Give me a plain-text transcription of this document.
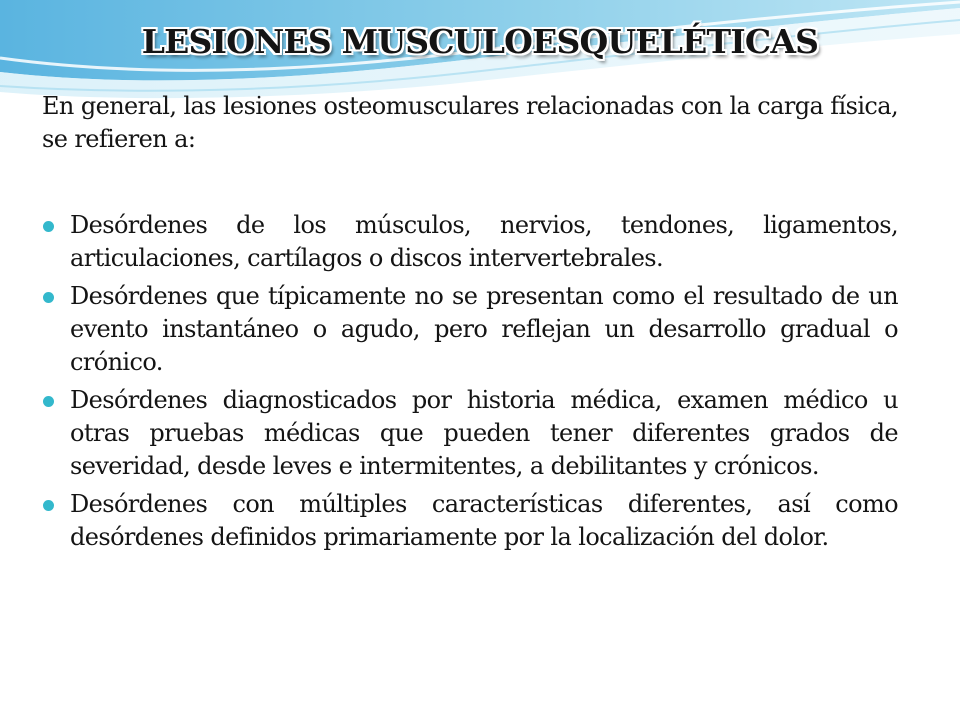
LESIONES MUSCULOESQUELÉTICAS

En general, las lesiones osteomusculares relacionadas con la carga física, se refieren a:

Desórdenes de los músculos, nervios, tendones, ligamentos, articulaciones, cartílagos o discos intervertebrales.
Desórdenes que típicamente no se presentan como el resultado de un evento instantáneo o agudo, pero reflejan un desarrollo gradual o crónico.
Desórdenes diagnosticados por historia médica, examen médico u otras pruebas médicas que pueden tener diferentes grados de severidad, desde leves e intermitentes, a debilitantes y crónicos.
Desórdenes con múltiples características diferentes, así como desórdenes definidos primariamente por la localización del dolor.
